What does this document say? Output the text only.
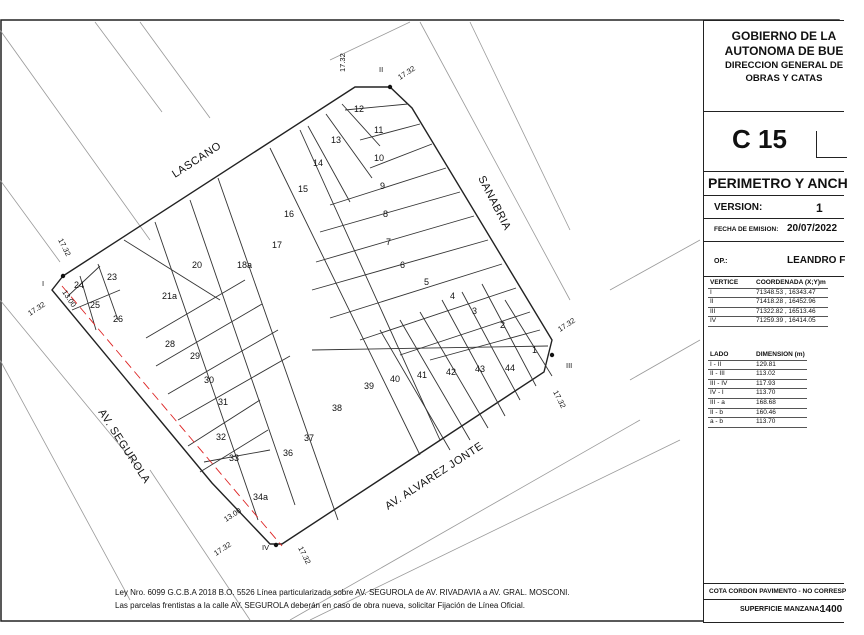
I
II
III
IV
LASCANO
SANABRIA
AV. ALVAREZ JONTE
AV. SEGUROLA
17.32
17.32
17.32
17.32
17.32
17.32
17.32	17.32
13.00
13.00
12
11
10
9
8
7
6
5
4
3
2
1
13
14
15
16
17
18a
20
21a
44
43
42
41
40
39
38
37
36
28
29
30
31
32
33
34a
23
24
25
26
Ley Nro. 6099 G.C.B.A 2018 B.O. 5526 Línea particularizada sobre AV. SEGUROLA de AV. RIVADAVIA a AV. GRAL. MOSCONI.
Las parcelas frentistas a la calle AV. SEGUROLA deberán en caso de obra nueva, solicitar Fijación de Línea Oficial.
GOBIERNO DE LA
AUTONOMA DE BUE
DIRECCION GENERAL DE
OBRAS Y CATAS
C 15
PERIMETRO Y ANCH
VERSION:	1
FECHA DE EMISION: 20/07/2022
OP.:	LEANDRO F
VERTICE	COORDENADA (X;Y)m
I	71348.53 , 16343.47
II	71418.28 , 16452.96
III	71322.82 , 16513.46
IV	71259.39 , 16414.05
LADO	DIMENSION (m)
I - II	129.81
II - III	113.02
III - IV	117.93
IV - I	113.70
III - a	168.68
II - b	160.46
a - b	113.70
COTA CORDON PAVIMENTO - NO CORRESP
SUPERFICIE MANZANA:
1400
